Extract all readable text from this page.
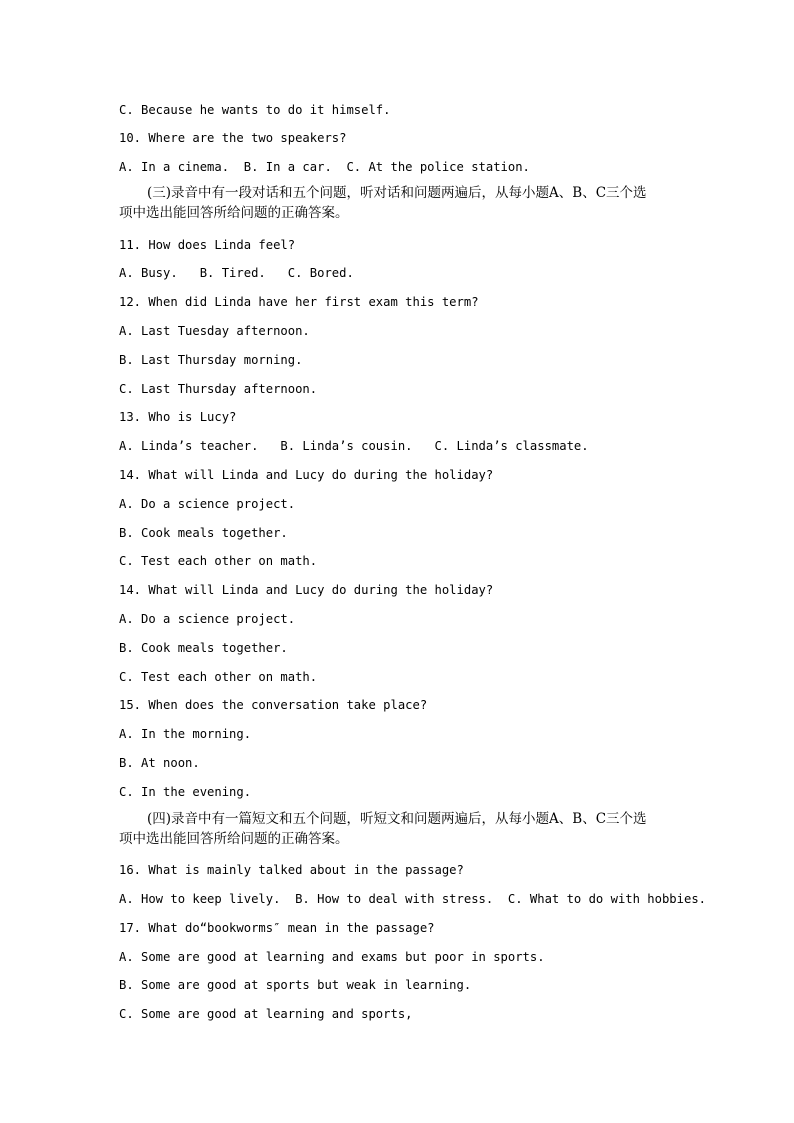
C. Because he wants to do it himself.
10. Where are the two speakers?
A. In a cinema.  B. In a car.  C. At the police station.
(三)录音中有一段对话和五个问题，听对话和问题两遍后，从每小题A、B、C三个选
项中选出能回答所给问题的正确答案。
11. How does Linda feel?
A. Busy.   B. Tired.   C. Bored.
12. When did Linda have her first exam this term?
A. Last Tuesday afternoon.
B. Last Thursday morning.
C. Last Thursday afternoon.
13. Who is Lucy?
A. Linda’s teacher.   B. Linda’s cousin.   C. Linda’s classmate.
14. What will Linda and Lucy do during the holiday?
A. Do a science project.
B. Cook meals together.
C. Test each other on math.
14. What will Linda and Lucy do during the holiday?
A. Do a science project.
B. Cook meals together.
C. Test each other on math.
15. When does the conversation take place?
A. In the morning.
B. At noon.
C. In the evening.
(四)录音中有一篇短文和五个问题，听短文和问题两遍后，从每小题A、B、C三个选
项中选出能回答所给问题的正确答案。
16. What is mainly talked about in the passage?
A. How to keep lively.  B. How to deal with stress.  C. What to do with hobbies.
17. What do“bookworms″ mean in the passage?
A. Some are good at learning and exams but poor in sports.
B. Some are good at sports but weak in learning.
C. Some are good at learning and sports,
